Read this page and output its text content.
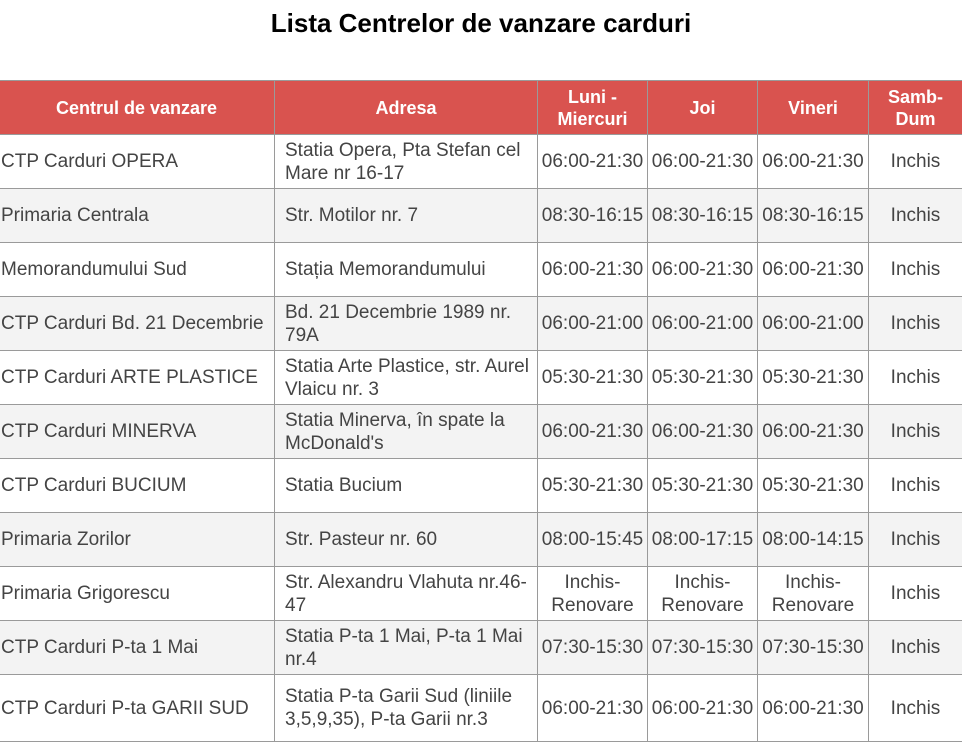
Lista Centrelor de vanzare carduri
Centrul de vanzare	Adresa	Luni - Miercuri	Joi	Vineri	Samb- Dum
CTP Carduri OPERA	Statia Opera, Pta Stefan cel Mare nr 16-17	06:00-21:30	06:00-21:30	06:00-21:30	Inchis
Primaria Centrala	Str. Motilor nr. 7	08:30-16:15	08:30-16:15	08:30-16:15	Inchis
Memorandumului Sud	Stația Memorandumului	06:00-21:30	06:00-21:30	06:00-21:30	Inchis
CTP Carduri Bd. 21 Decembrie	Bd. 21 Decembrie 1989 nr. 79A	06:00-21:00	06:00-21:00	06:00-21:00	Inchis
CTP Carduri ARTE PLASTICE	Statia Arte Plastice, str. Aurel Vlaicu nr. 3	05:30-21:30	05:30-21:30	05:30-21:30	Inchis
CTP Carduri MINERVA	Statia Minerva, în spate la McDonald's	06:00-21:30	06:00-21:30	06:00-21:30	Inchis
CTP Carduri BUCIUM	Statia Bucium	05:30-21:30	05:30-21:30	05:30-21:30	Inchis
Primaria Zorilor	Str. Pasteur nr. 60	08:00-15:45	08:00-17:15	08:00-14:15	Inchis
Primaria Grigorescu	Str. Alexandru Vlahuta nr.46-47	Inchis-Renovare	Inchis-Renovare	Inchis-Renovare	Inchis
CTP Carduri P-ta 1 Mai	Statia P-ta 1 Mai, P-ta 1 Mai nr.4	07:30-15:30	07:30-15:30	07:30-15:30	Inchis
CTP Carduri P-ta GARII SUD	Statia P-ta Garii Sud (liniile 3,5,9,35), P-ta Garii nr.3	06:00-21:30	06:00-21:30	06:00-21:30	Inchis
